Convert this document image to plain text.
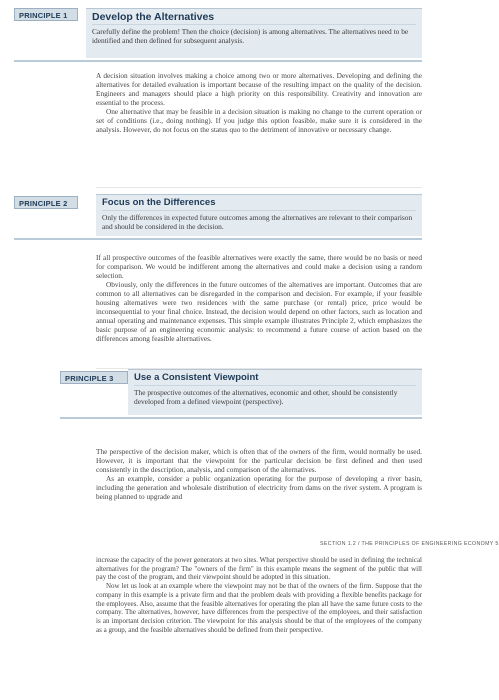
PRINCIPLE 1	Develop the Alternatives
Carefully define the problem! Then the choice (decision) is among alternatives. The alternatives need to be identified and then defined for subsequent analysis.

A decision situation involves making a choice among two or more alternatives. Developing and defining the alternatives for detailed evaluation is important because of the resulting impact on the quality of the decision. Engineers and managers should place a high priority on this responsibility. Creativity and innovation are essential to the process.

One alternative that may be feasible in a decision situation is making no change to the current operation or set of conditions (i.e., doing nothing). If you judge this option feasible, make sure it is considered in the analysis. However, do not focus on the status quo to the detriment of innovative or necessary change.

PRINCIPLE 2	Focus on the Differences
Only the differences in expected future outcomes among the alternatives are relevant to their comparison and should be considered in the decision.

If all prospective outcomes of the feasible alternatives were exactly the same, there would be no basis or need for comparison. We would be indifferent among the alternatives and could make a decision using a random selection.

Obviously, only the differences in the future outcomes of the alternatives are important. Outcomes that are common to all alternatives can be disregarded in the comparison and decision. For example, if your feasible housing alternatives were two residences with the same purchase (or rental) price, price would be inconsequential to your final choice. Instead, the decision would depend on other factors, such as location and annual operating and maintenance expenses. This simple example illustrates Principle 2, which emphasizes the basic purpose of an engineering economic analysis: to recommend a future course of action based on the differences among feasible alternatives.

PRINCIPLE 3	Use a Consistent Viewpoint
The prospective outcomes of the alternatives, economic and other, should be consistently developed from a defined viewpoint (perspective).

The perspective of the decision maker, which is often that of the owners of the firm, would normally be used. However, it is important that the viewpoint for the particular decision be first defined and then used consistently in the description, analysis, and comparison of the alternatives.

As an example, consider a public organization operating for the purpose of developing a river basin, including the generation and wholesale distribution of electricity from dams on the river system. A program is being planned to upgrade and

SECTION 1.2 / THE PRINCIPLES OF ENGINEERING ECONOMY 5

increase the capacity of the power generators at two sites. What perspective should be used in defining the technical alternatives for the program? The "owners of the firm" in this example means the segment of the public that will pay the cost of the program, and their viewpoint should be adopted in this situation.

Now let us look at an example where the viewpoint may not be that of the owners of the firm. Suppose that the company in this example is a private firm and that the problem deals with providing a flexible benefits package for the employees. Also, assume that the feasible alternatives for operating the plan all have the same future costs to the company. The alternatives, however, have differences from the perspective of the employees, and their satisfaction is an important decision criterion. The viewpoint for this analysis should be that of the employees of the company as a group, and the feasible alternatives should be defined from their perspective.
